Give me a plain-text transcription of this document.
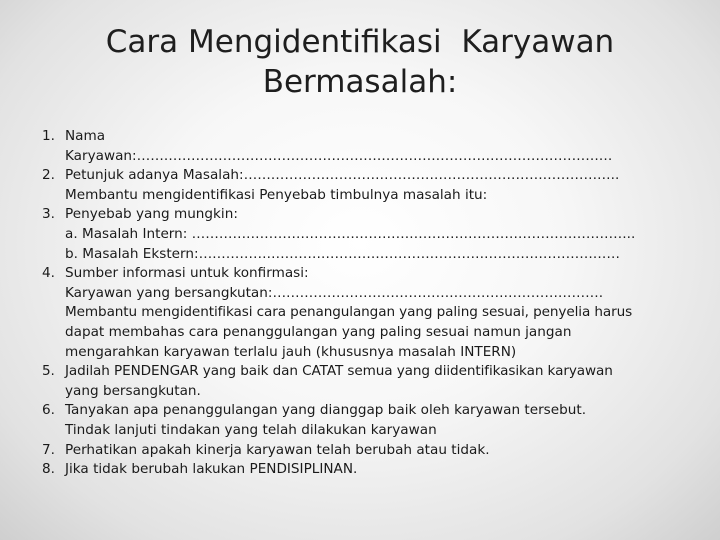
Cara Mengidentifikasi  Karyawan
Bermasalah:
1. Nama
Karyawan:……………………………………………………………………………………………
2. Petunjuk adanya Masalah:………………………………………………………………………..
Membantu mengidentifikasi Penyebab timbulnya masalah itu:
3. Penyebab yang mungkin:
a. Masalah Intern: ……………………………………………………………………………………..
b. Masalah Ekstern:…………………………………………………………………………………
4. Sumber informasi untuk konfirmasi:
Karyawan yang bersangkutan:……………………………………………………………….
Membantu mengidentifikasi cara penangulangan yang paling sesuai, penyelia harus
dapat membahas cara penanggulangan yang paling sesuai namun jangan
mengarahkan karyawan terlalu jauh (khususnya masalah INTERN)
5. Jadilah PENDENGAR yang baik dan CATAT semua yang diidentifikasikan karyawan
yang bersangkutan.
6. Tanyakan apa penanggulangan yang dianggap baik oleh karyawan tersebut.
Tindak lanjuti tindakan yang telah dilakukan karyawan
7. Perhatikan apakah kinerja karyawan telah berubah atau tidak.
8. Jika tidak berubah lakukan PENDISIPLINAN.
